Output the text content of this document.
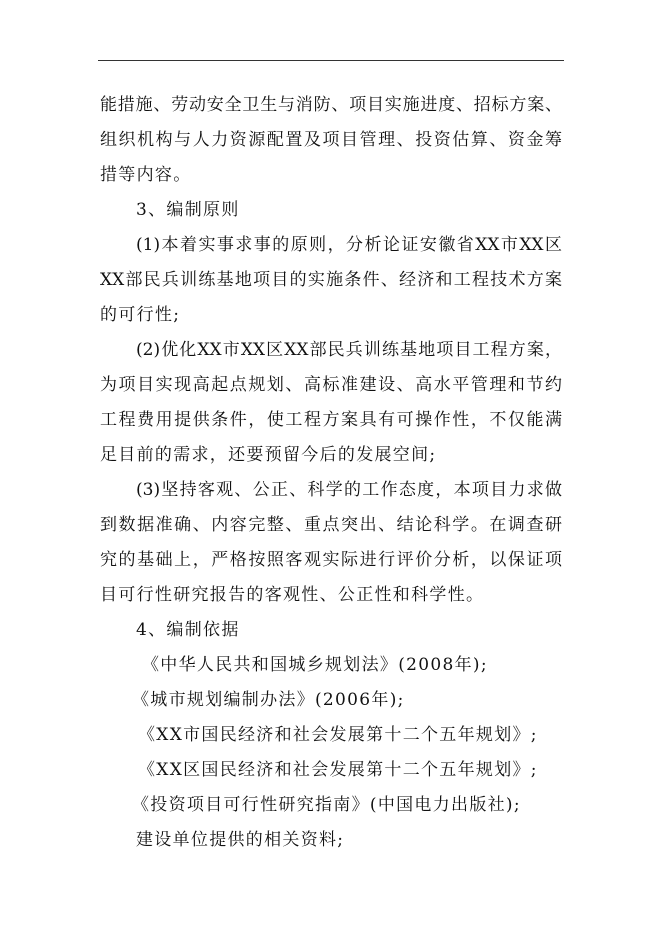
能措施、劳动安全卫生与消防、项目实施进度、招标方案、
组织机构与人力资源配置及项目管理、投资估算、资金筹
措等内容。
3、编制原则
(1)本着实事求事的原则，分析论证安徽省XX市XX区
XX部民兵训练基地项目的实施条件、经济和工程技术方案
的可行性;
(2)优化XX市XX区XX部民兵训练基地项目工程方案，
为项目实现高起点规划、高标准建设、高水平管理和节约
工程费用提供条件，使工程方案具有可操作性，不仅能满
足目前的需求，还要预留今后的发展空间;
(3)坚持客观、公正、科学的工作态度，本项目力求做
到数据准确、内容完整、重点突出、结论科学。在调查研
究的基础上，严格按照客观实际进行评价分析，以保证项
目可行性研究报告的客观性、公正性和科学性。
4、编制依据
《中华人民共和国城乡规划法》(2008年);
《城市规划编制办法》(2006年);
《XX市国民经济和社会发展第十二个五年规划》;
《XX区国民经济和社会发展第十二个五年规划》;
《投资项目可行性研究指南》(中国电力出版社);
建设单位提供的相关资料;
